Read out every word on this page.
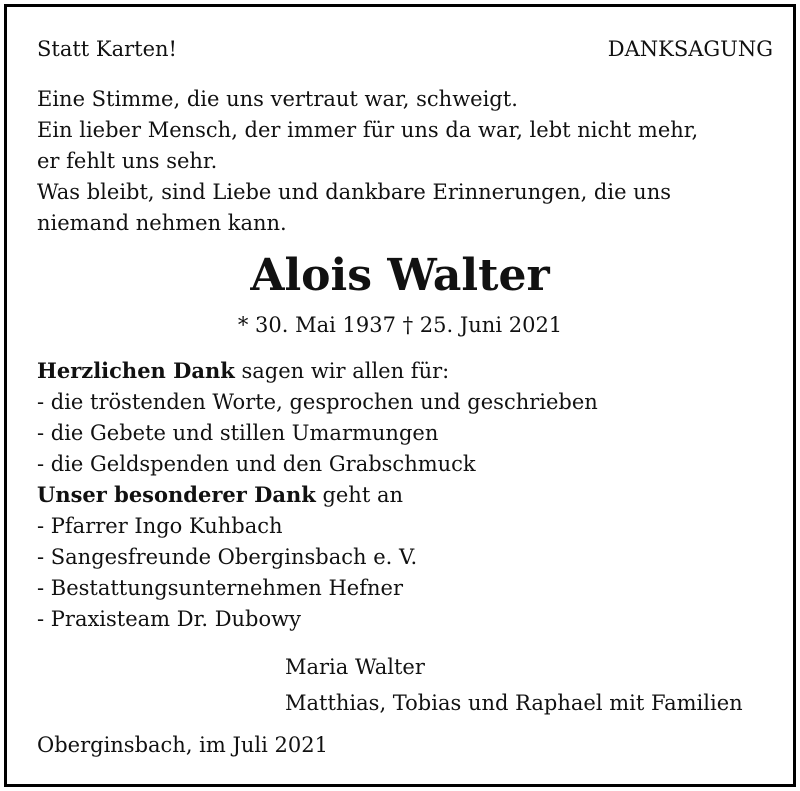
Statt Karten!	DANKSAGUNG
Eine Stimme, die uns vertraut war, schweigt.
Ein lieber Mensch, der immer für uns da war, lebt nicht mehr,
er fehlt uns sehr.
Was bleibt, sind Liebe und dankbare Erinnerungen, die uns
niemand nehmen kann.
Alois Walter
* 30. Mai 1937 † 25. Juni 2021
Herzlichen Dank sagen wir allen für:
- die tröstenden Worte, gesprochen und geschrieben
- die Gebete und stillen Umarmungen
- die Geldspenden und den Grabschmuck
Unser besonderer Dank geht an
- Pfarrer Ingo Kuhbach
- Sangesfreunde Oberginsbach e. V.
- Bestattungsunternehmen Hefner
- Praxisteam Dr. Dubowy
Maria Walter
Matthias, Tobias und Raphael mit Familien
Oberginsbach, im Juli 2021
